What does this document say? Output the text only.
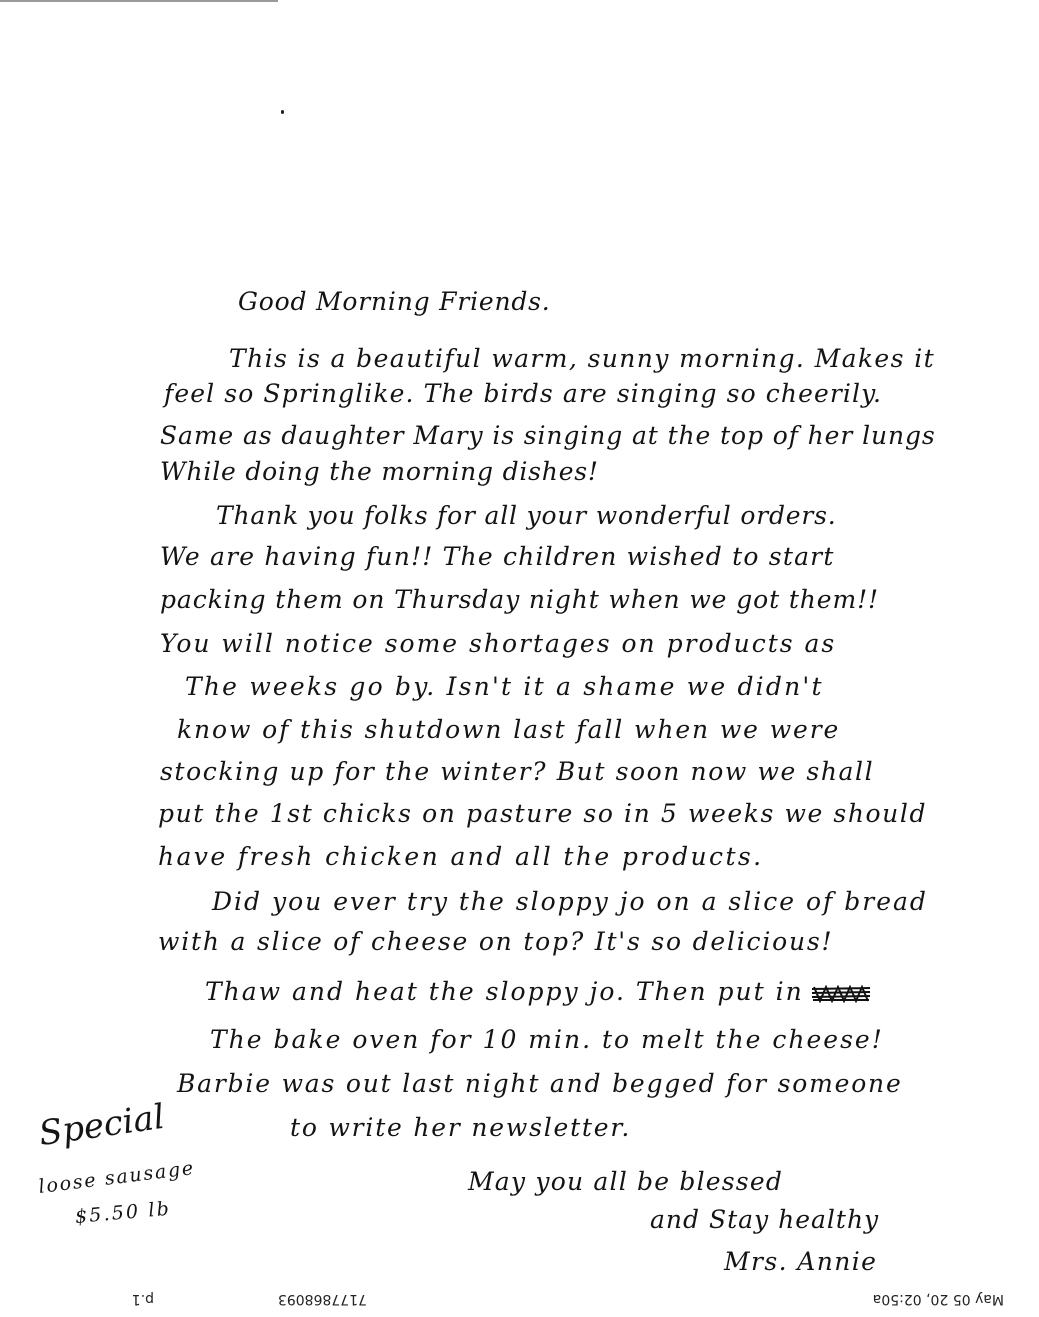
Good Morning Friends.
This is a beautiful warm, sunny morning. Makes it
feel so Springlike. The birds are singing so cheerily.
Same as daughter Mary is singing at the top of her lungs
While doing the morning dishes!
Thank you folks for all your wonderful orders.
We are having fun!! The children wished to start
packing them on Thursday night when we got them!!
You will notice some shortages on products as
The weeks go by. Isn't it a shame we didn't
know of this shutdown last fall when we were
stocking up for the winter? But soon now we shall
put the 1st chicks on pasture so in 5 weeks we should
have fresh chicken and all the products.
Did you ever try the sloppy jo on a slice of bread
with a slice of cheese on top? It's so delicious!
Thaw and heat the sloppy jo. Then put in
The bake oven for 10 min. to melt the cheese!
Barbie was out last night and begged for someone
to write her newsletter.
May you all be blessed
and Stay healthy
Mrs. Annie
Special
loose sausage
$5.50 lb
p.1	7177868093	May 05 20, 02:50a
